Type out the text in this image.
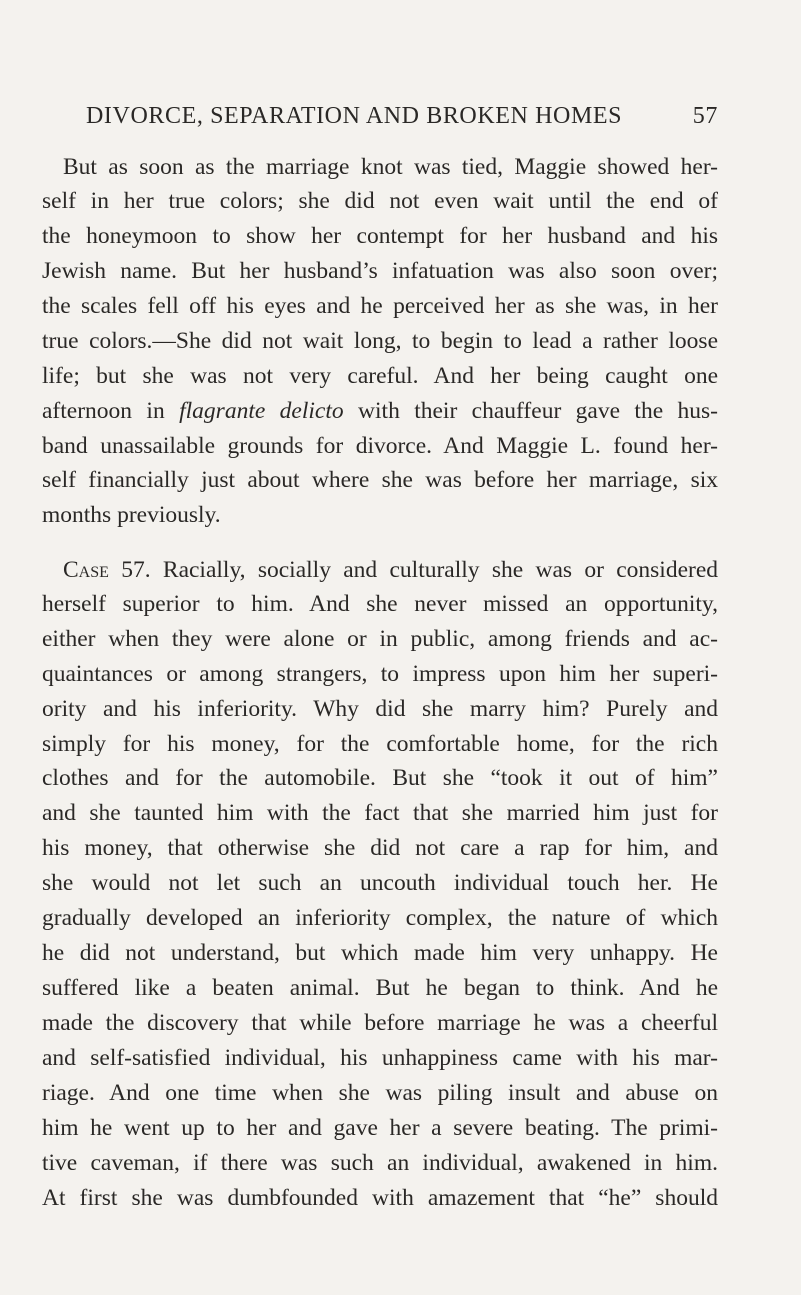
DIVORCE, SEPARATION AND BROKEN HOMES	57
But as soon as the marriage knot was tied, Maggie showed her-
self in her true colors; she did not even wait until the end of
the honeymoon to show her contempt for her husband and his
Jewish name. But her husband’s infatuation was also soon over;
the scales fell off his eyes and he perceived her as she was, in her
true colors.—She did not wait long, to begin to lead a rather loose
life; but she was not very careful. And her being caught one
afternoon in flagrante delicto with their chauffeur gave the hus-
band unassailable grounds for divorce. And Maggie L. found her-
self financially just about where she was before her marriage, six
months previously.
Case 57. Racially, socially and culturally she was or considered
herself superior to him. And she never missed an opportunity,
either when they were alone or in public, among friends and ac-
quaintances or among strangers, to impress upon him her superi-
ority and his inferiority. Why did she marry him? Purely and
simply for his money, for the comfortable home, for the rich
clothes and for the automobile. But she “took it out of him”
and she taunted him with the fact that she married him just for
his money, that otherwise she did not care a rap for him, and
she would not let such an uncouth individual touch her. He
gradually developed an inferiority complex, the nature of which
he did not understand, but which made him very unhappy. He
suffered like a beaten animal. But he began to think. And he
made the discovery that while before marriage he was a cheerful
and self-satisfied individual, his unhappiness came with his mar-
riage. And one time when she was piling insult and abuse on
him he went up to her and gave her a severe beating. The primi-
tive caveman, if there was such an individual, awakened in him.
At first she was dumbfounded with amazement that “he” should
